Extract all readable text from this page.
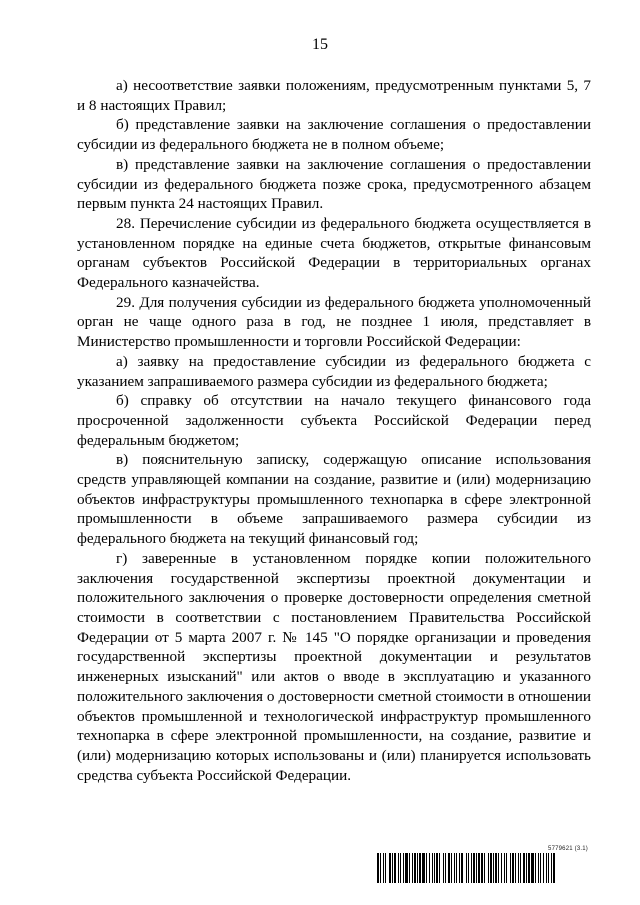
15

а) несоответствие заявки положениям, предусмотренным пунктами 5, 7 и 8 настоящих Правил;

б) представление заявки на заключение соглашения о предоставлении субсидии из федерального бюджета не в полном объеме;

в) представление заявки на заключение соглашения о предоставлении субсидии из федерального бюджета позже срока, предусмотренного абзацем первым пункта 24 настоящих Правил.

28. Перечисление субсидии из федерального бюджета осуществляется в установленном порядке на единые счета бюджетов, открытые финансовым органам субъектов Российской Федерации в территориальных органах Федерального казначейства.

29. Для получения субсидии из федерального бюджета уполномоченный орган не чаще одного раза в год, не позднее 1 июля, представляет в Министерство промышленности и торговли Российской Федерации:

а) заявку на предоставление субсидии из федерального бюджета с указанием запрашиваемого размера субсидии из федерального бюджета;

б) справку об отсутствии на начало текущего финансового года просроченной задолженности субъекта Российской Федерации перед федеральным бюджетом;

в) пояснительную записку, содержащую описание использования средств управляющей компании на создание, развитие и (или) модернизацию объектов инфраструктуры промышленного технопарка в сфере электронной промышленности в объеме запрашиваемого размера субсидии из федерального бюджета на текущий финансовый год;

г) заверенные в установленном порядке копии положительного заключения государственной экспертизы проектной документации и положительного заключения о проверке достоверности определения сметной стоимости в соответствии с постановлением Правительства Российской Федерации от 5 марта 2007 г. № 145 "О порядке организации и проведения государственной экспертизы проектной документации и результатов инженерных изысканий" или актов о вводе в эксплуатацию и указанного положительного заключения о достоверности сметной стоимости в отношении объектов промышленной и технологической инфраструктур промышленного технопарка в сфере электронной промышленности, на создание, развитие и (или) модернизацию которых использованы и (или) планируется использовать средства субъекта Российской Федерации.

5779621 (3.1)
